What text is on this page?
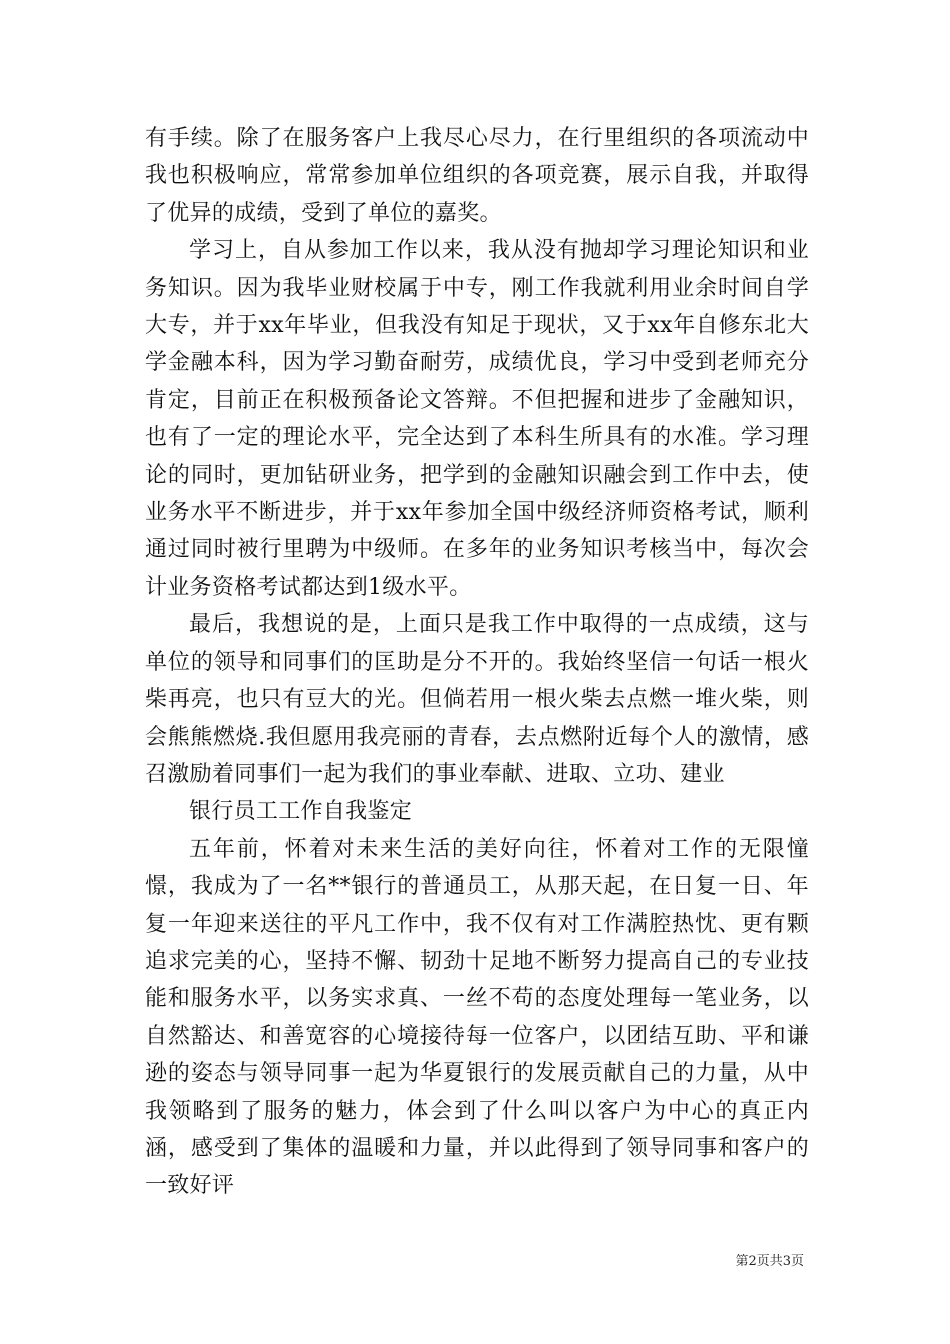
有手续。除了在服务客户上我尽心尽力，在行里组织的各项流动中我也积极响应，常常参加单位组织的各项竞赛，展示自我，并取得了优异的成绩，受到了单位的嘉奖。

学习上，自从参加工作以来，我从没有抛却学习理论知识和业务知识。因为我毕业财校属于中专，刚工作我就利用业余时间自学大专，并于xx年毕业，但我没有知足于现状，又于xx年自修东北大学金融本科，因为学习勤奋耐劳，成绩优良，学习中受到老师充分肯定，目前正在积极预备论文答辩。不但把握和进步了金融知识，也有了一定的理论水平，完全达到了本科生所具有的水准。学习理论的同时，更加钻研业务，把学到的金融知识融会到工作中去，使业务水平不断进步，并于xx年参加全国中级经济师资格考试，顺利通过同时被行里聘为中级师。在多年的业务知识考核当中，每次会计业务资格考试都达到1级水平。

最后，我想说的是，上面只是我工作中取得的一点成绩，这与单位的领导和同事们的匡助是分不开的。我始终坚信一句话一根火柴再亮，也只有豆大的光。但倘若用一根火柴去点燃一堆火柴，则会熊熊燃烧.我但愿用我亮丽的青春，去点燃附近每个人的激情，感召激励着同事们一起为我们的事业奉献、进取、立功、建业

银行员工工作自我鉴定

五年前，怀着对未来生活的美好向往，怀着对工作的无限憧憬，我成为了一名**银行的普通员工，从那天起，在日复一日、年复一年迎来送往的平凡工作中，我不仅有对工作满腔热忱、更有颗追求完美的心，坚持不懈、韧劲十足地不断努力提高自己的专业技能和服务水平，以务实求真、一丝不苟的态度处理每一笔业务，以自然豁达、和善宽容的心境接待每一位客户，以团结互助、平和谦逊的姿态与领导同事一起为华夏银行的发展贡献自己的力量，从中我领略到了服务的魅力，体会到了什么叫以客户为中心的真正内涵，感受到了集体的温暖和力量，并以此得到了领导同事和客户的一致好评

第2页共3页
